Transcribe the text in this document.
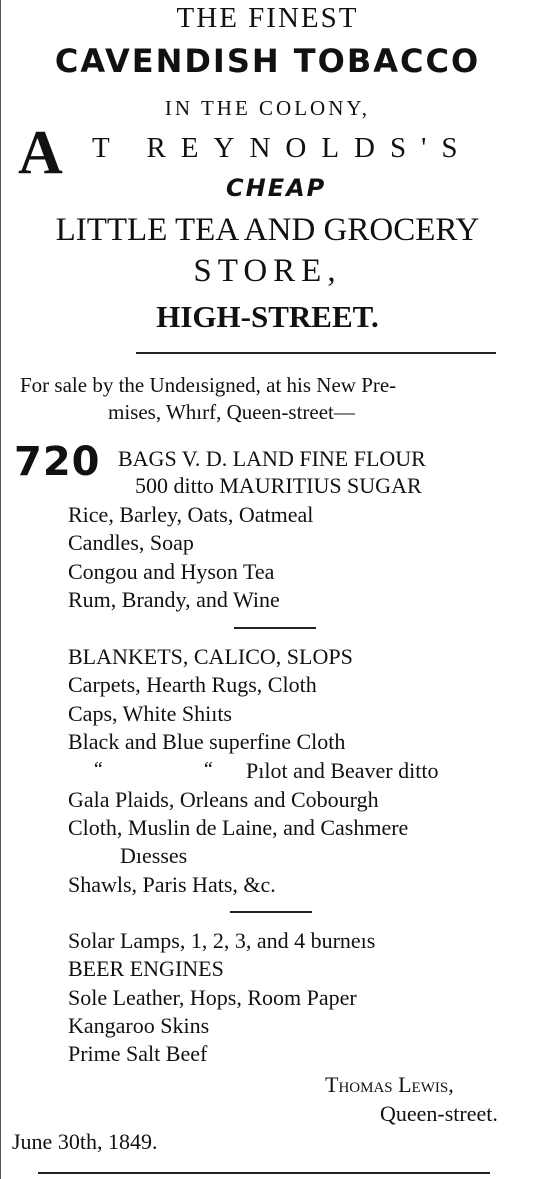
THE FINEST
CAVENDISH TOBACCO
IN THE COLONY,
A T REYNOLDS'S
CHEAP
LITTLE TEA AND GROCERY
STORE,
HIGH-STREET.
For sale by the Undeısigned, at his New Pre-
mises, Whırf, Queen-street—
720 BAGS V. D. LAND FINE FLOUR
500 ditto MAURITIUS SUGAR
Rice, Barley, Oats, Oatmeal
Candles, Soap
Congou and Hyson Tea
Rum, Brandy, and Wine
BLANKETS, CALICO, SLOPS
Carpets, Hearth Rugs, Cloth
Caps, White Shiıts
Black and Blue superfine Cloth
“	“ Pılot and Beaver ditto
Gala Plaids, Orleans and Cobourgh
Cloth, Muslin de Laine, and Cashmere
Dıesses
Shawls, Paris Hats, &c.
Solar Lamps, 1, 2, 3, and 4 burneıs
BEER ENGINES
Sole Leather, Hops, Room Paper
Kangaroo Skins
Prime Salt Beef
Thomas Lewis,
Queen-street.
June 30th, 1849.
